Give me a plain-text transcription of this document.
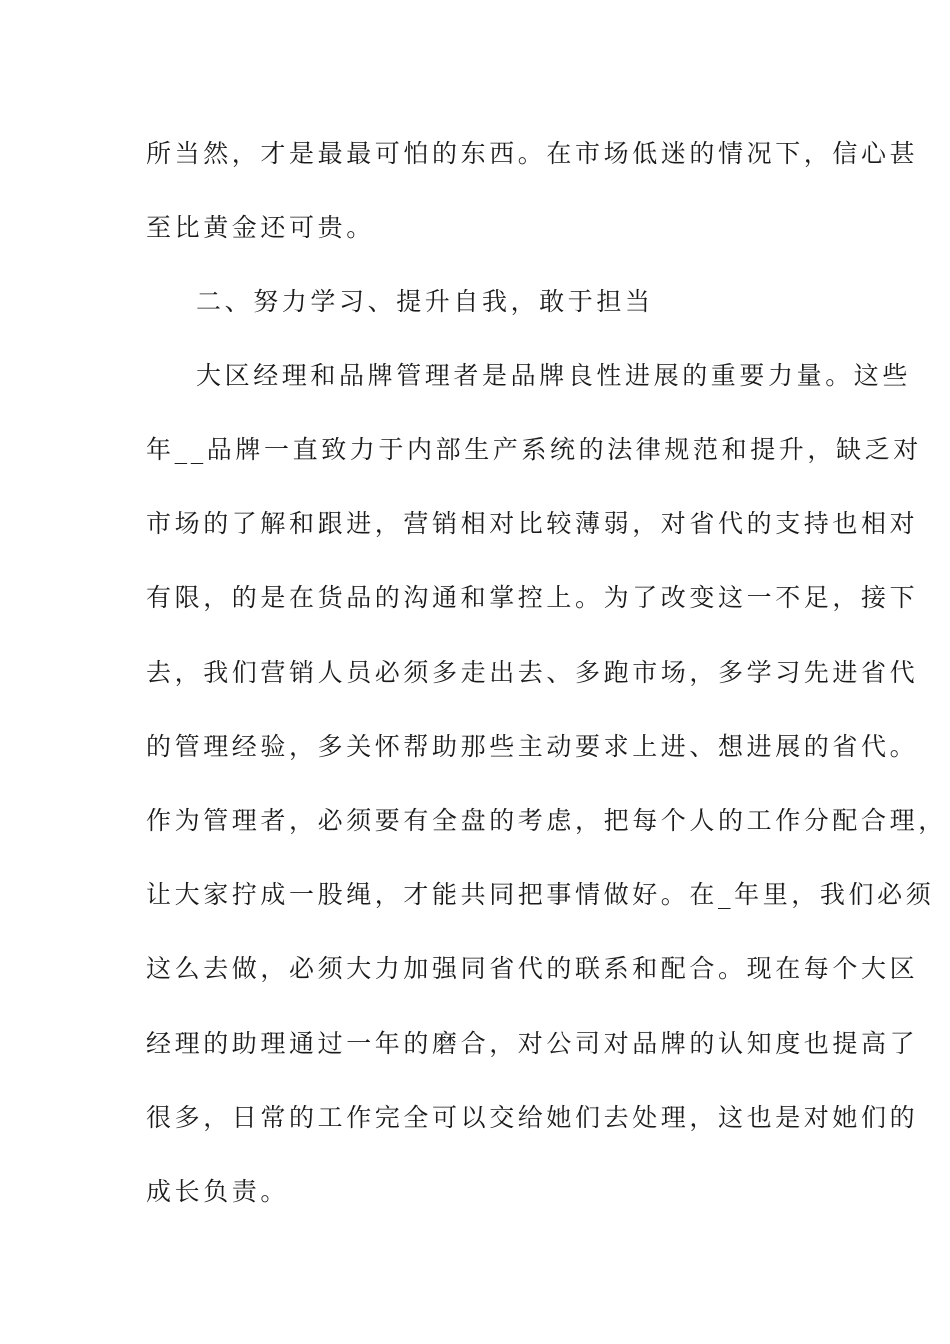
所当然，才是最最可怕的东西。在市场低迷的情况下，信心甚
至比黄金还可贵。
二、努力学习、提升自我，敢于担当
大区经理和品牌管理者是品牌良性进展的重要力量。这些
年__品牌一直致力于内部生产系统的法律规范和提升，缺乏对
市场的了解和跟进，营销相对比较薄弱，对省代的支持也相对
有限，的是在货品的沟通和掌控上。为了改变这一不足，接下
去，我们营销人员必须多走出去、多跑市场，多学习先进省代
的管理经验，多关怀帮助那些主动要求上进、想进展的省代。
作为管理者，必须要有全盘的考虑，把每个人的工作分配合理，
让大家拧成一股绳，才能共同把事情做好。在_年里，我们必须
这么去做，必须大力加强同省代的联系和配合。现在每个大区
经理的助理通过一年的磨合，对公司对品牌的认知度也提高了
很多，日常的工作完全可以交给她们去处理，这也是对她们的
成长负责。
